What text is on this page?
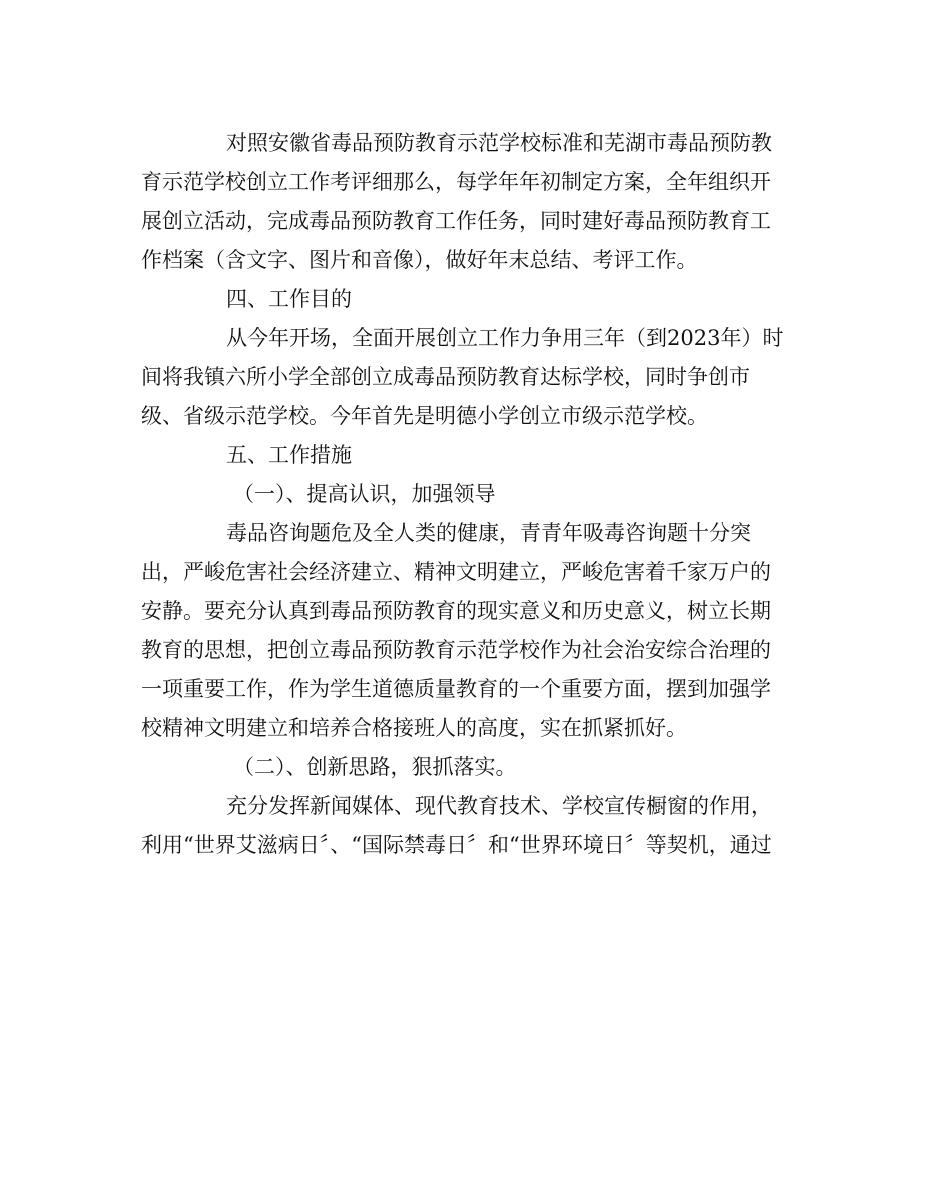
对照安徽省毒品预防教育示范学校标准和芜湖市毒品预防教
育示范学校创立工作考评细那么，每学年年初制定方案，全年组织开
展创立活动，完成毒品预防教育工作任务，同时建好毒品预防教育工
作档案（含文字、图片和音像），做好年末总结、考评工作。
四、工作目的
从今年开场，全面开展创立工作力争用三年（到2023年）时
间将我镇六所小学全部创立成毒品预防教育达标学校，同时争创市
级、省级示范学校。今年首先是明德小学创立市级示范学校。
五、工作措施
（一）、提高认识，加强领导
毒品咨询题危及全人类的健康，青青年吸毒咨询题十分突
出，严峻危害社会经济建立、精神文明建立，严峻危害着千家万户的
安静。要充分认真到毒品预防教育的现实意义和历史意义，树立长期
教育的思想，把创立毒品预防教育示范学校作为社会治安综合治理的
一项重要工作，作为学生道德质量教育的一个重要方面，摆到加强学
校精神文明建立和培养合格接班人的高度，实在抓紧抓好。
（二）、创新思路，狠抓落实。
充分发挥新闻媒体、现代教育技术、学校宣传橱窗的作用，
利用“世界艾滋病日〞、“国际禁毒日〞和“世界环境日〞等契机，通过
